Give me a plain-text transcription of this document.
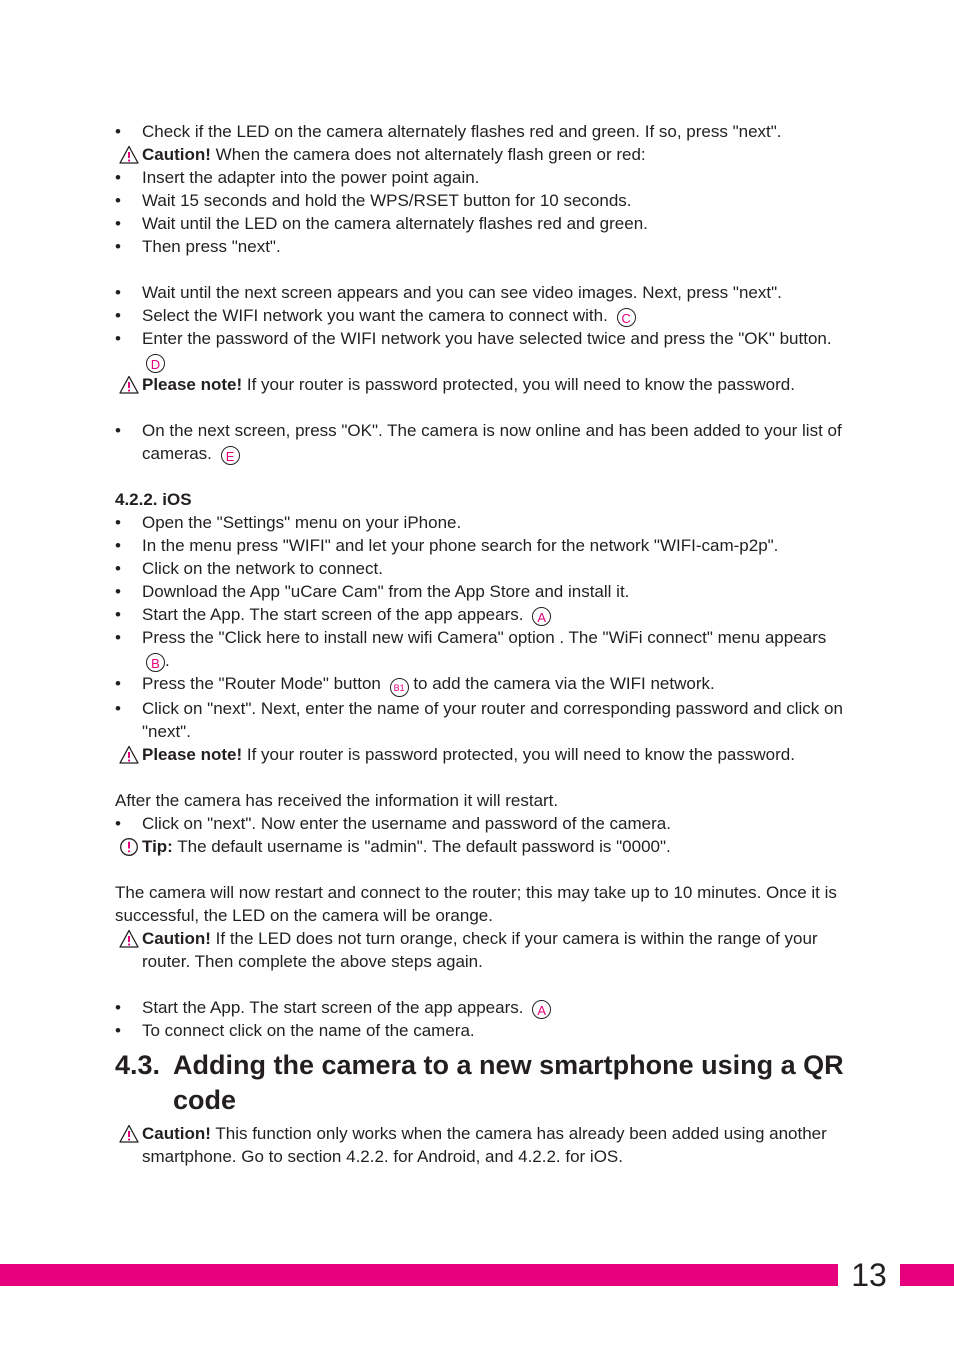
• Check if the LED on the camera alternately flashes red and green. If so, press "next".
Caution! When the camera does not alternately flash green or red:
• Insert the adapter into the power point again.
• Wait 15 seconds and hold the WPS/RSET button for 10 seconds.
• Wait until the LED on the camera alternately flashes red and green.
• Then press "next".
• Wait until the next screen appears and you can see video images. Next, press "next".
• Select the WIFI network you want the camera to connect with. C
• Enter the password of the WIFI network you have selected twice and press the "OK" button. D
Please note! If your router is password protected, you will need to know the password.
• On the next screen, press "OK". The camera is now online and has been added to your list of cameras. E
4.2.2. iOS
• Open the "Settings" menu on your iPhone.
• In the menu press "WIFI" and let your phone search for the network "WIFI-cam-p2p".
• Click on the network to connect.
• Download the App "uCare Cam" from the App Store and install it.
• Start the App. The start screen of the app appears. A
• Press the "Click here to install new wifi Camera" option . The "WiFi connect" menu appears B .
• Press the "Router Mode" button B1 to add the camera via the WIFI network.
• Click on "next". Next, enter the name of your router and corresponding password and click on "next".
Please note! If your router is password protected, you will need to know the password.
After the camera has received the information it will restart.
• Click on "next". Now enter the username and password of the camera.
Tip: The default username is "admin". The default password is "0000".
The camera will now restart and connect to the router; this may take up to 10 minutes. Once it is successful, the LED on the camera will be orange.
Caution! If the LED does not turn orange, check if your camera is within the range of your router. Then complete the above steps again.
• Start the App. The start screen of the app appears. A
• To connect click on the name of the camera.
4.3. Adding the camera to a new smartphone using a QR code
Caution! This function only works when the camera has already been added using another smartphone. Go to section 4.2.2. for Android, and 4.2.2. for iOS.
13
